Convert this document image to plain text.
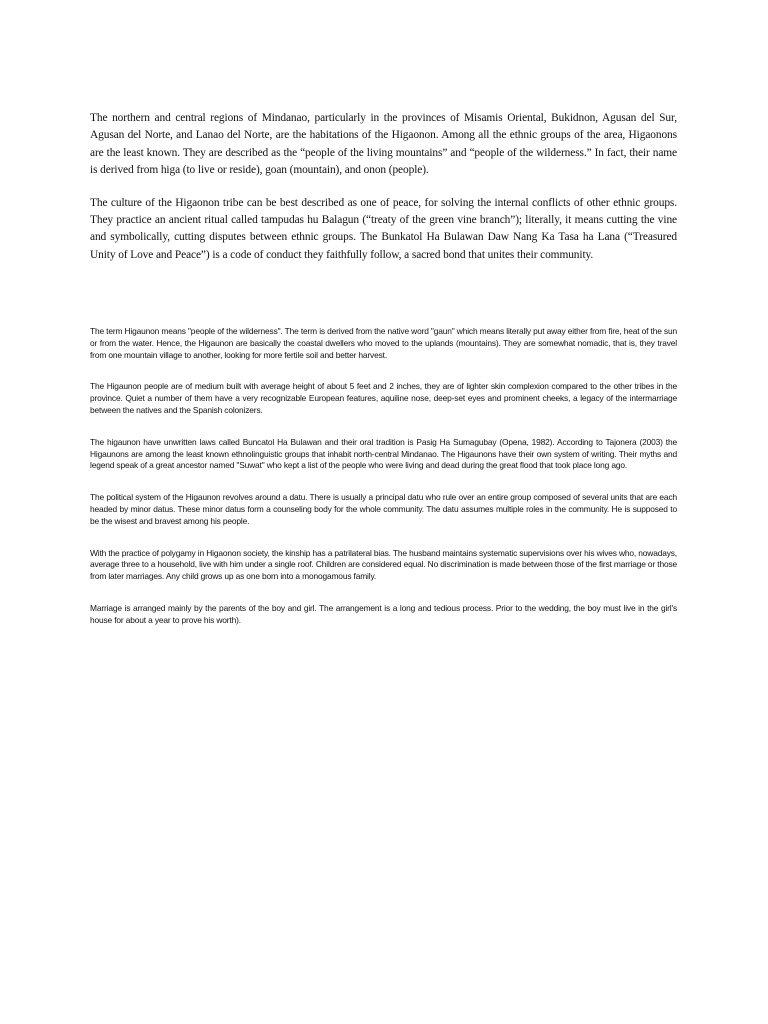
The northern and central regions of Mindanao, particularly in the provinces of Misamis Oriental, Bukidnon, Agusan del Sur, Agusan del Norte, and Lanao del Norte, are the habitations of the Higaonon. Among all the ethnic groups of the area, Higaonons are the least known. They are described as the “people of the living mountains” and “people of the wilderness.” In fact, their name is derived from higa (to live or reside), goan (mountain), and onon (people).

The culture of the Higaonon tribe can be best described as one of peace, for solving the internal conflicts of other ethnic groups. They practice an ancient ritual called tampudas hu Balagun (“treaty of the green vine branch”); literally, it means cutting the vine and symbolically, cutting disputes between ethnic groups. The Bunkatol Ha Bulawan Daw Nang Ka Tasa ha Lana (“Treasured Unity of Love and Peace”) is a code of conduct they faithfully follow, a sacred bond that unites their community.

The term Higaunon means "people of the wilderness". The term is derived from the native word "gaun" which means literally put away either from fire, heat of the sun or from the water. Hence, the Higaunon are basically the coastal dwellers who moved to the uplands (mountains). They are somewhat nomadic, that is, they travel from one mountain village to another, looking for more fertile soil and better harvest.

The Higaunon people are of medium built with average height of about 5 feet and 2 inches, they are of lighter skin complexion compared to the other tribes in the province. Quiet a number of them have a very recognizable European features, aquiline nose, deep-set eyes and prominent cheeks, a legacy of the intermarriage between the natives and the Spanish colonizers.

The higaunon have unwritten laws called Buncatol Ha Bulawan and their oral tradition is Pasig Ha Sumagubay (Opena, 1982). According to Tajonera (2003) the Higaunons are among the least known ethnolinguistic groups that inhabit north-central Mindanao. The Higaunons have their own system of writing. Their myths and legend speak of a great ancestor named "Suwat" who kept a list of the people who were living and dead during the great flood that took place long ago.

The political system of the Higaunon revolves around a datu. There is usually a principal datu who rule over an entire group composed of several units that are each headed by minor datus. These minor datus form a counseling body for the whole community. The datu assumes multiple roles in the community. He is supposed to be the wisest and bravest among his people.

With the practice of polygamy in Higaonon society, the kinship has a patrilateral bias. The husband maintains systematic supervisions over his wives who, nowadays, average three to a household, live with him under a single roof. Children are considered equal. No discrimination is made between those of the first marriage or those from later marriages. Any child grows up as one born into a monogamous family.

Marriage is arranged mainly by the parents of the boy and girl. The arrangement is a long and tedious process. Prior to the wedding, the boy must live in the girl's house for about a year to prove his worth).
